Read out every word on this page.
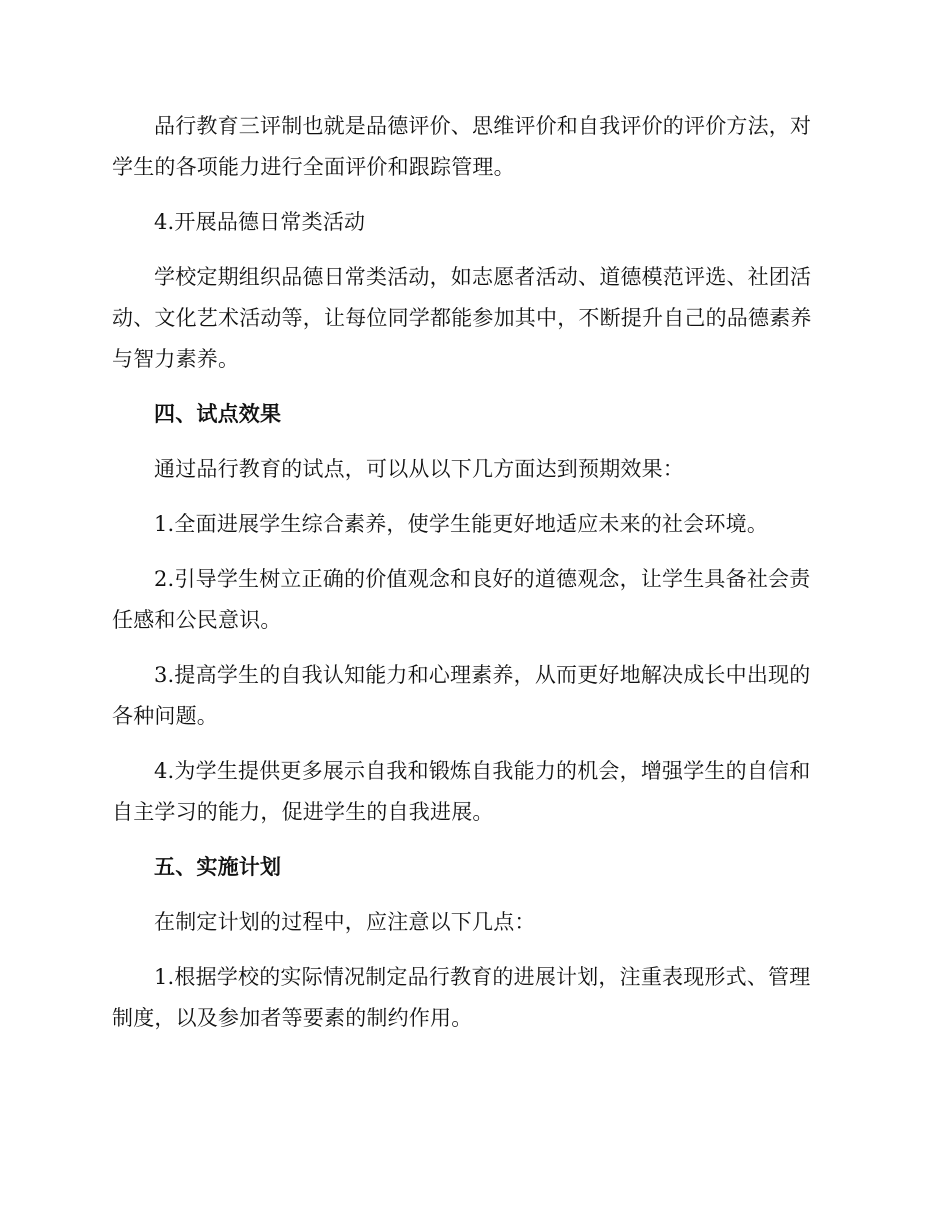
品行教育三评制也就是品德评价、思维评价和自我评价的评价方法，对学生的各项能力进行全面评价和跟踪管理。

4.开展品德日常类活动

学校定期组织品德日常类活动，如志愿者活动、道德模范评选、社团活动、文化艺术活动等，让每位同学都能参加其中，不断提升自己的品德素养与智力素养。

四、试点效果

通过品行教育的试点，可以从以下几方面达到预期效果：

1.全面进展学生综合素养，使学生能更好地适应未来的社会环境。

2.引导学生树立正确的价值观念和良好的道德观念，让学生具备社会责任感和公民意识。

3.提高学生的自我认知能力和心理素养，从而更好地解决成长中出现的各种问题。

4.为学生提供更多展示自我和锻炼自我能力的机会，增强学生的自信和自主学习的能力，促进学生的自我进展。

五、实施计划

在制定计划的过程中，应注意以下几点：

1.根据学校的实际情况制定品行教育的进展计划，注重表现形式、管理制度，以及参加者等要素的制约作用。
